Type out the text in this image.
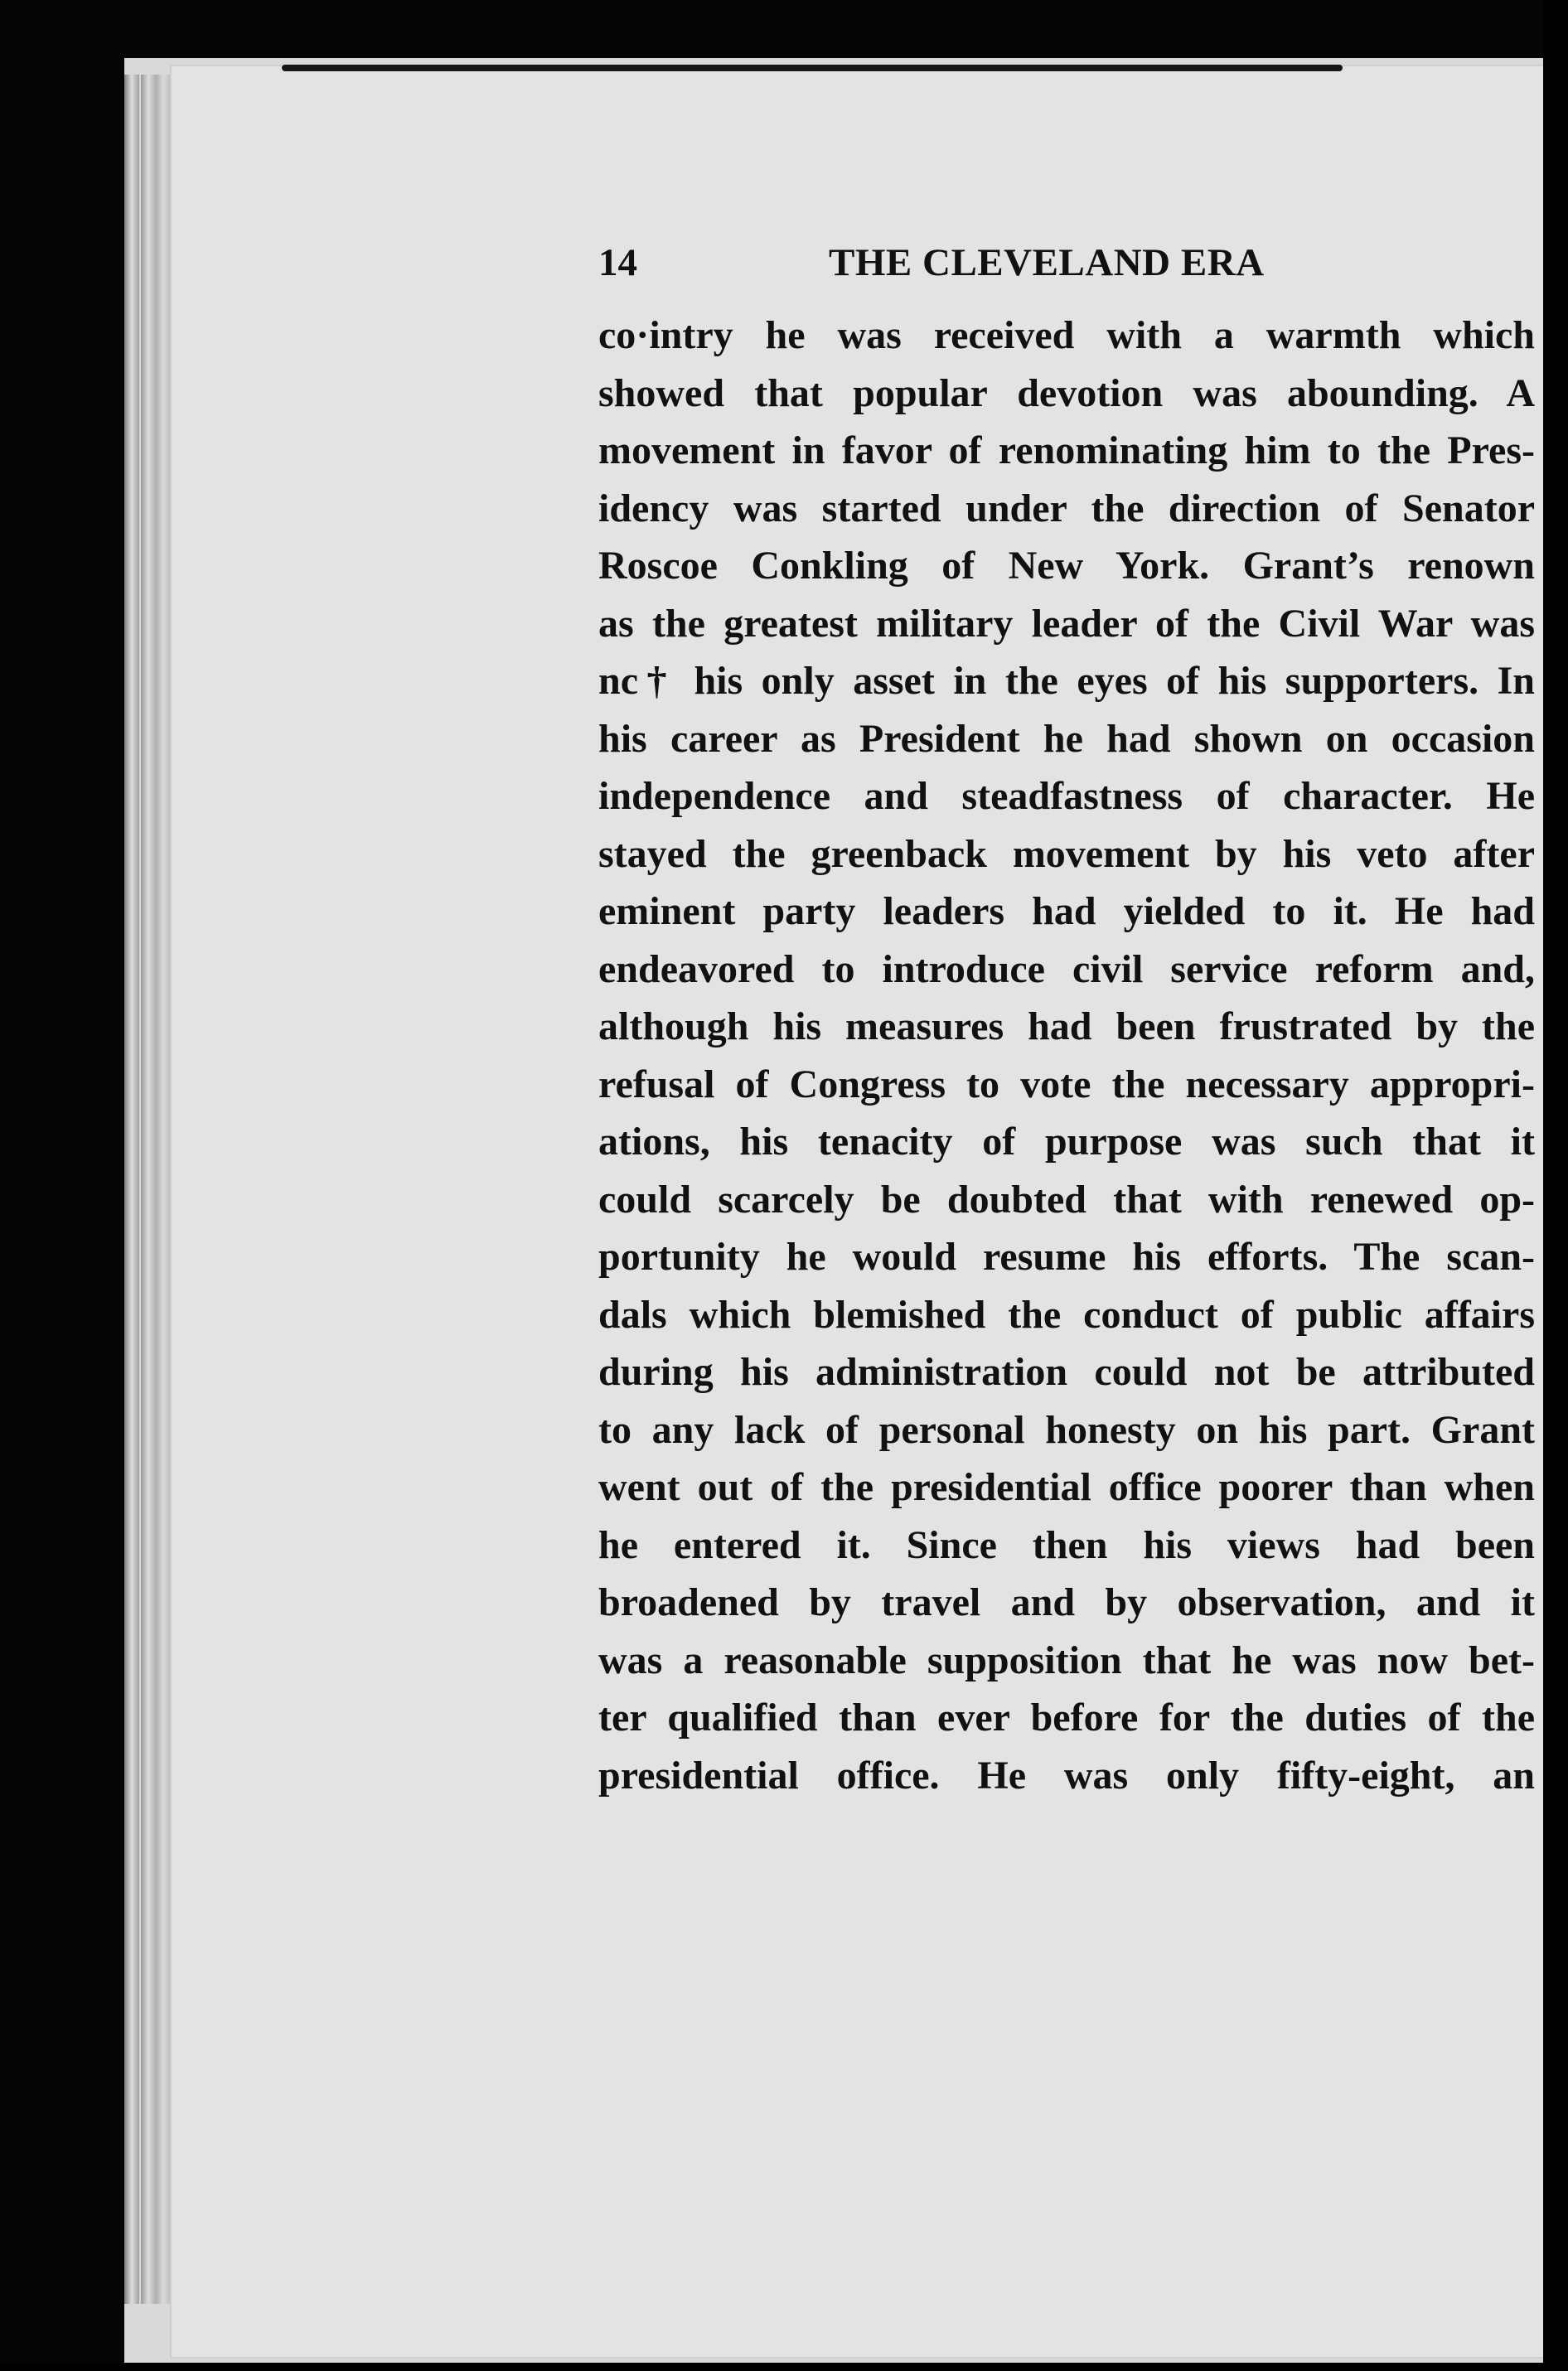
14	THE CLEVELAND ERA
co·intry he was received with a warmth which
showed that popular devotion was abounding. A
movement in favor of renominating him to the Pres-
idency was started under the direction of Senator
Roscoe Conkling of New York. Grant’s renown
as the greatest military leader of the Civil War was
nc† his only asset in the eyes of his supporters. In
his career as President he had shown on occasion
independence and steadfastness of character. He
stayed the greenback movement by his veto after
eminent party leaders had yielded to it. He had
endeavored to introduce civil service reform and,
although his measures had been frustrated by the
refusal of Congress to vote the necessary appropri-
ations, his tenacity of purpose was such that it
could scarcely be doubted that with renewed op-
portunity he would resume his efforts. The scan-
dals which blemished the conduct of public affairs
during his administration could not be attributed
to any lack of personal honesty on his part. Grant
went out of the presidential office poorer than when
he entered it. Since then his views had been
broadened by travel and by observation, and it
was a reasonable supposition that he was now bet-
ter qualified than ever before for the duties of the
presidential office. He was only fifty-eight, an
